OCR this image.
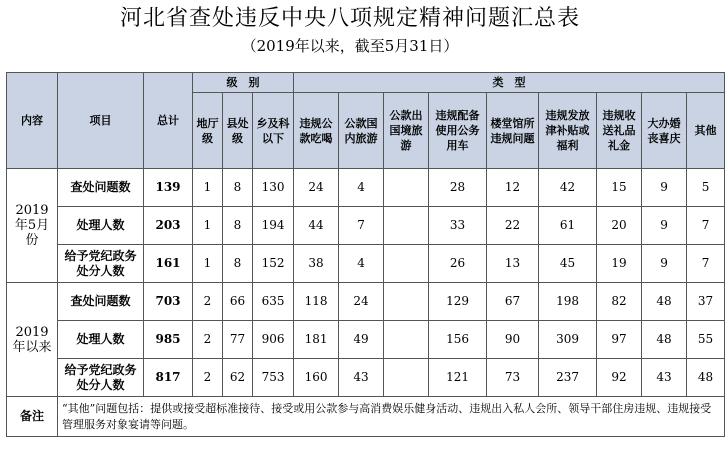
河北省查处违反中央八项规定精神问题汇总表
（2019年以来，截至5月31日）
内容	项目	总计	级　别			类　型								
			地厅级	县处级	乡及科以下	违规公款吃喝	公款国内旅游	公款出国境旅游	违规配备使用公务用车	楼堂馆所违规问题	违规发放津补贴或福利	违规收送礼品礼金	大办婚丧喜庆	其他
2019年5月份	查处问题数	139	1	8	130	24	4		28	12	42	15	9	5
	处理人数	203	1	8	194	44	7		33	22	61	20	9	7
	给予党纪政务处分人数	161	1	8	152	38	4		26	13	45	19	9	7
2019年以来	查处问题数	703	2	66	635	118	24		129	67	198	82	48	37
	处理人数	985	2	77	906	181	49		156	90	309	97	48	55
	给予党纪政务处分人数	817	2	62	753	160	43		121	73	237	92	43	48
备注	“其他”问题包括：提供或接受超标准接待、接受或用公款参与高消费娱乐健身活动、违规出入私人会所、领导干部住房违规、违规接受管理服务对象宴请等问题。													
